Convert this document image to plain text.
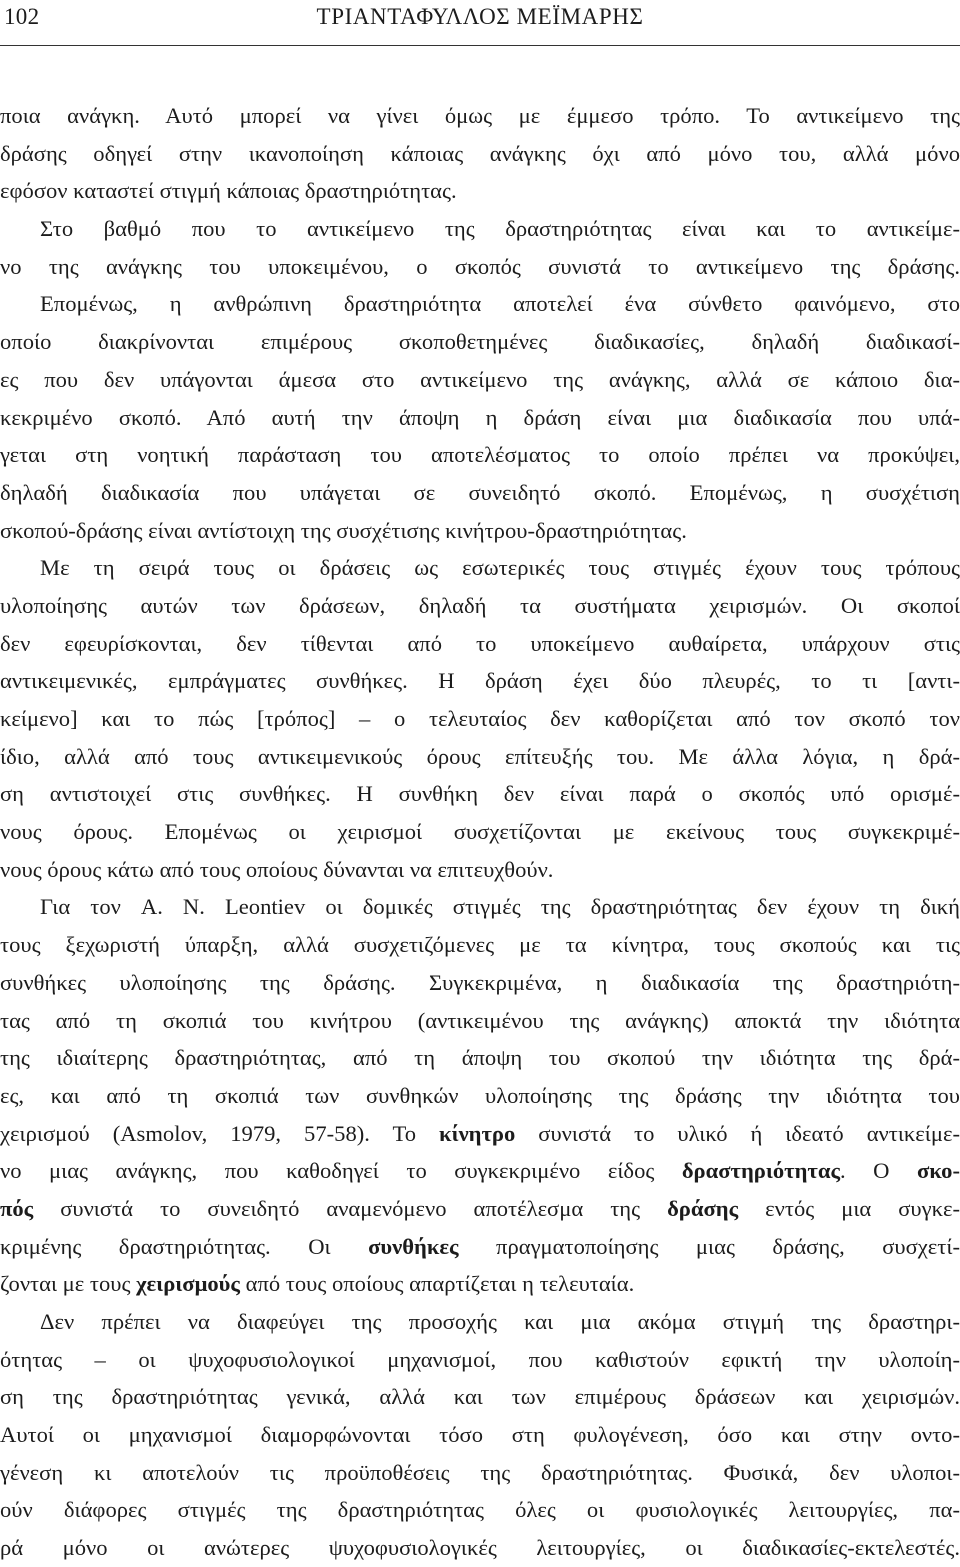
102	ΤΡΙΑΝΤΑΦΥΛΛΟΣ ΜΕΪΜΑΡΗΣ
ποια ανάγκη. Αυτό μπορεί να γίνει όμως με έμμεσο τρόπο. Το αντικείμενο της
δράσης οδηγεί στην ικανοποίηση κάποιας ανάγκης όχι από μόνο του, αλλά μόνο
εφόσον καταστεί στιγμή κάποιας δραστηριότητας.
Στο βαθμό που το αντικείμενο της δραστηριότητας είναι και το αντικείμε-
νο της ανάγκης του υποκειμένου, ο σκοπός συνιστά το αντικείμενο της δράσης.
Επομένως, η ανθρώπινη δραστηριότητα αποτελεί ένα σύνθετο φαινόμενο, στο
οποίο διακρίνονται επιμέρους σκοποθετημένες διαδικασίες, δηλαδή διαδικασί-
ες που δεν υπάγονται άμεσα στο αντικείμενο της ανάγκης, αλλά σε κάποιο δια-
κεκριμένο σκοπό. Από αυτή την άποψη η δράση είναι μια διαδικασία που υπά-
γεται στη νοητική παράσταση του αποτελέσματος το οποίο πρέπει να προκύψει,
δηλαδή διαδικασία που υπάγεται σε συνειδητό σκοπό. Επομένως, η συσχέτιση
σκοπού-δράσης είναι αντίστοιχη της συσχέτισης κινήτρου-δραστηριότητας.
Με τη σειρά τους οι δράσεις ως εσωτερικές τους στιγμές έχουν τους τρόπους
υλοποίησης αυτών των δράσεων, δηλαδή τα συστήματα χειρισμών. Οι σκοποί
δεν εφευρίσκονται, δεν τίθενται από το υποκείμενο αυθαίρετα, υπάρχουν στις
αντικειμενικές, εμπράγματες συνθήκες. Η δράση έχει δύο πλευρές, το τι [αντι-
κείμενο] και το πώς [τρόπος] – ο τελευταίος δεν καθορίζεται από τον σκοπό τον
ίδιο, αλλά από τους αντικειμενικούς όρους επίτευξής του. Με άλλα λόγια, η δρά-
ση αντιστοιχεί στις συνθήκες. Η συνθήκη δεν είναι παρά ο σκοπός υπό ορισμέ-
νους όρους. Επομένως οι χειρισμοί συσχετίζονται με εκείνους τους συγκεκριμέ-
νους όρους κάτω από τους οποίους δύνανται να επιτευχθούν.
Για τον A. N. Leontiev οι δομικές στιγμές της δραστηριότητας δεν έχουν τη δική
τους ξεχωριστή ύπαρξη, αλλά συσχετιζόμενες με τα κίνητρα, τους σκοπούς και τις
συνθήκες υλοποίησης της δράσης. Συγκεκριμένα, η διαδικασία της δραστηριότη-
τας από τη σκοπιά του κινήτρου (αντικειμένου της ανάγκης) αποκτά την ιδιότητα
της ιδιαίτερης δραστηριότητας, από τη άποψη του σκοπού την ιδιότητα της δρά-
ες, και από τη σκοπιά των συνθηκών υλοποίησης της δράσης την ιδιότητα του
χειρισμού (Asmolov, 1979, 57-58). Το κίνητρο συνιστά το υλικό ή ιδεατό αντικείμε-
νο μιας ανάγκης, που καθοδηγεί το συγκεκριμένο είδος δραστηριότητας. Ο σκο-
πός συνιστά το συνειδητό αναμενόμενο αποτέλεσμα της δράσης εντός μια συγκε-
κριμένης δραστηριότητας. Οι συνθήκες πραγματοποίησης μιας δράσης, συσχετί-
ζονται με τους χειρισμούς από τους οποίους απαρτίζεται η τελευταία.
Δεν πρέπει να διαφεύγει της προσοχής και μια ακόμα στιγμή της δραστηρι-
ότητας – οι ψυχοφυσιολογικοί μηχανισμοί, που καθιστούν εφικτή την υλοποίη-
ση της δραστηριότητας γενικά, αλλά και των επιμέρους δράσεων και χειρισμών.
Αυτοί οι μηχανισμοί διαμορφώνονται τόσο στη φυλογένεση, όσο και στην οντο-
γένεση κι αποτελούν τις προϋποθέσεις της δραστηριότητας. Φυσικά, δεν υλοποι-
ούν διάφορες στιγμές της δραστηριότητας όλες οι φυσιολογικές λειτουργίες, πα-
ρά μόνο οι ανώτερες ψυχοφυσιολογικές λειτουργίες, οι διαδικασίες-εκτελεστές.
